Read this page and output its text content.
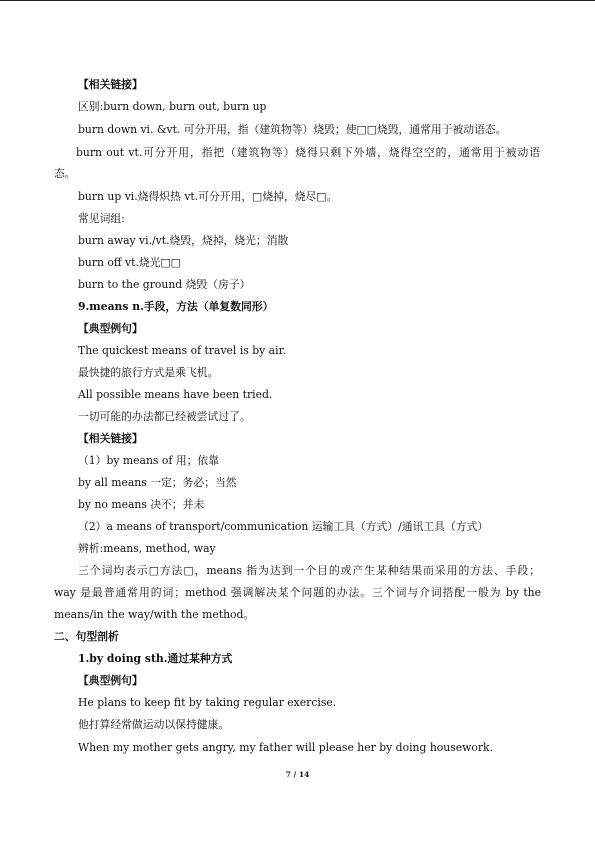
【相关链接】
区别:burn down, burn out, burn up
burn down vi. &vt. 可分开用，指（建筑物等）烧毁；使□□烧毁，通常用于被动语态。
burn out vt.可分开用，指把（建筑物等）烧得只剩下外墙，烧得空空的，通常用于被动语
态。
burn up vi.烧得炽热 vt.可分开用，□烧掉，烧尽□。
常见词组:
burn away vi./vt.烧毁，烧掉，烧光；消散
burn off vt.烧光□□
burn to the ground 烧毁（房子）
9.means n.手段，方法（单复数同形）
【典型例句】
The quickest means of travel is by air.
最快捷的旅行方式是乘飞机。
All possible means have been tried.
一切可能的办法都已经被尝试过了。
【相关链接】
（1）by means of 用；依靠
by all means 一定；务必；当然
by no means 决不；并未
（2）a means of transport/communication 运输工具（方式）/通讯工具（方式）
辨析:means, method, way
三个词均表示□方法□，means 指为达到一个目的或产生某种结果而采用的方法、手段；
way 是最普通常用的词；method 强调解决某个问题的办法。三个词与介词搭配一般为 by the
means/in the way/with the method。
二、句型剖析
1.by doing sth.通过某种方式
【典型例句】
He plans to keep fit by taking regular exercise.
他打算经常做运动以保持健康。
When my mother gets angry, my father will please her by doing housework.
7 / 14
